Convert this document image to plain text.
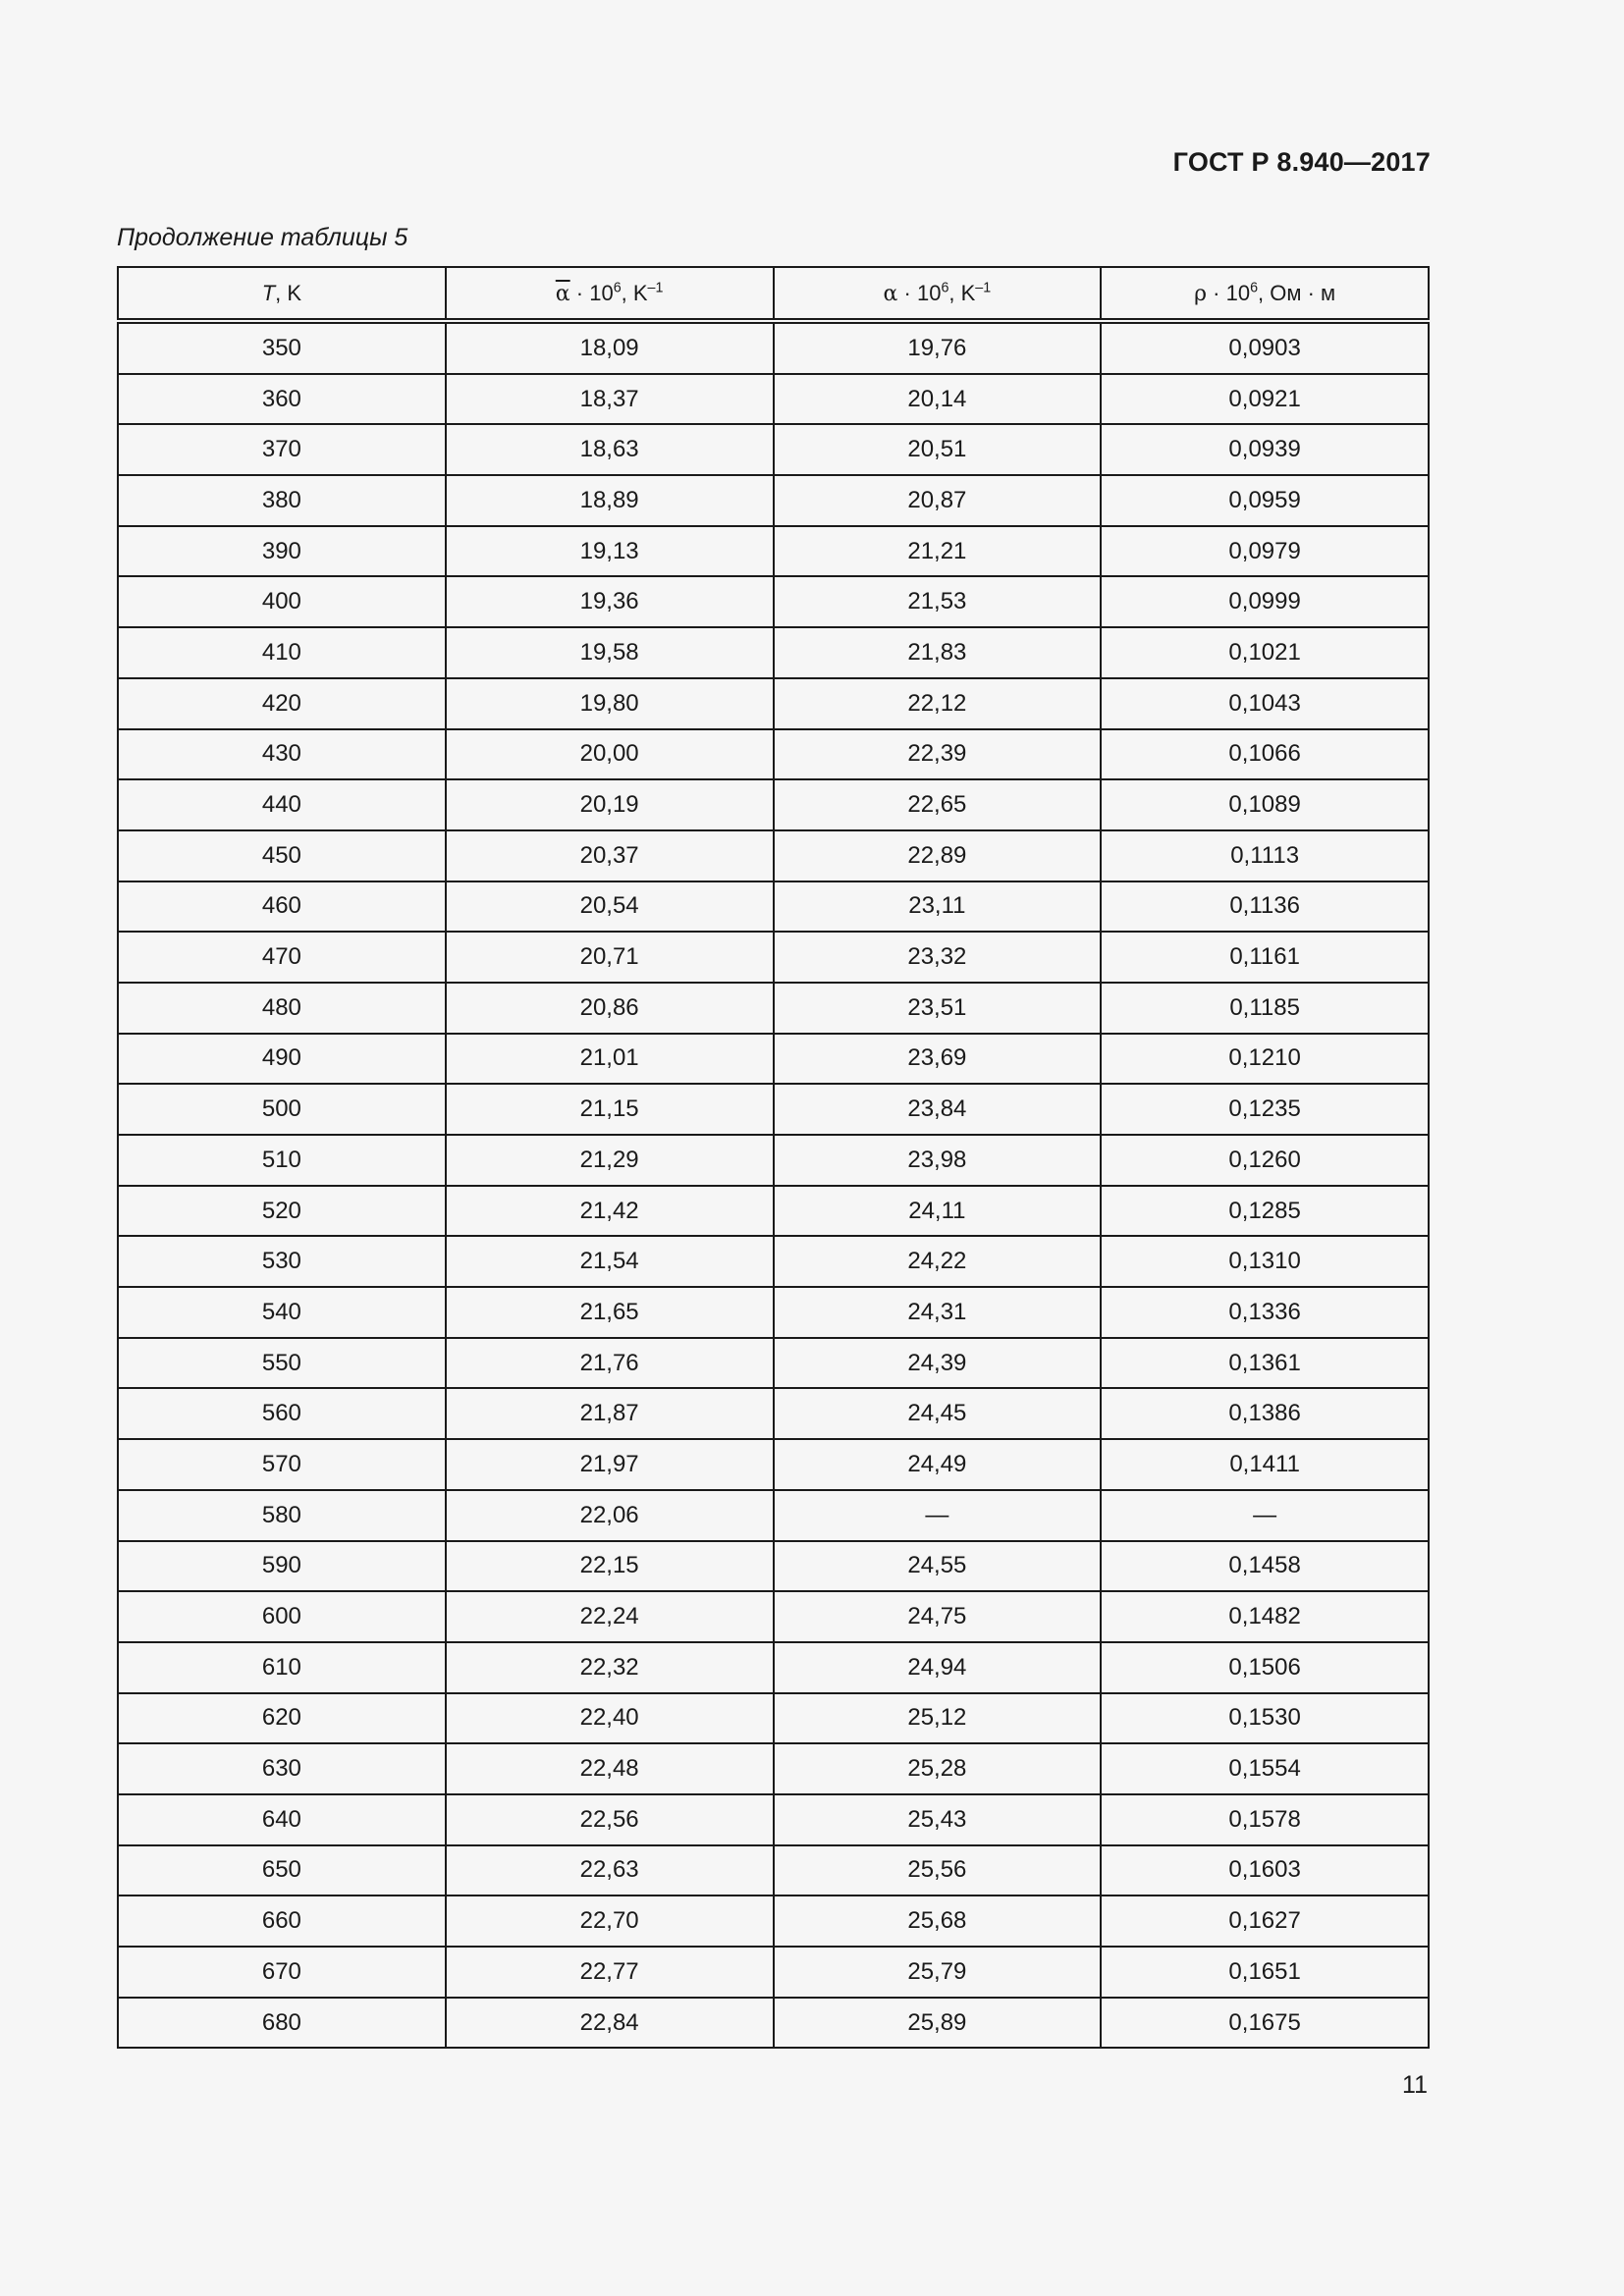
ГОСТ Р 8.940—2017
Продолжение таблицы 5
T, K	$\overline{\alpha} \cdot 10^6$, $K^{-1}$	$\alpha \cdot 10^6$, $K^{-1}$	$\rho \cdot 10^6$, Ом · м
350	18,09	19,76	0,0903
360	18,37	20,14	0,0921
370	18,63	20,51	0,0939
380	18,89	20,87	0,0959
390	19,13	21,21	0,0979
400	19,36	21,53	0,0999
410	19,58	21,83	0,1021
420	19,80	22,12	0,1043
430	20,00	22,39	0,1066
440	20,19	22,65	0,1089
450	20,37	22,89	0,1113
460	20,54	23,11	0,1136
470	20,71	23,32	0,1161
480	20,86	23,51	0,1185
490	21,01	23,69	0,1210
500	21,15	23,84	0,1235
510	21,29	23,98	0,1260
520	21,42	24,11	0,1285
530	21,54	24,22	0,1310
540	21,65	24,31	0,1336
550	21,76	24,39	0,1361
560	21,87	24,45	0,1386
570	21,97	24,49	0,1411
580	22,06	—	—
590	22,15	24,55	0,1458
600	22,24	24,75	0,1482
610	22,32	24,94	0,1506
620	22,40	25,12	0,1530
630	22,48	25,28	0,1554
640	22,56	25,43	0,1578
650	22,63	25,56	0,1603
660	22,70	25,68	0,1627
670	22,77	25,79	0,1651
680	22,84	25,89	0,1675
11
